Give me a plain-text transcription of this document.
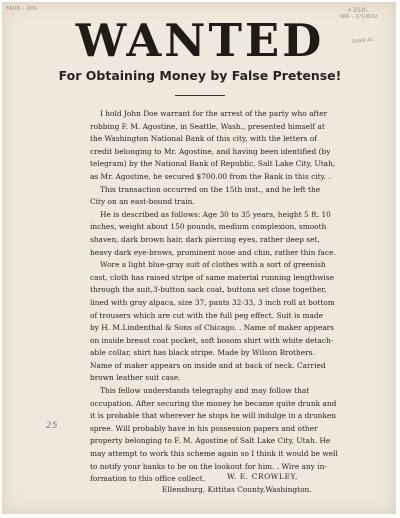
FA08 - 2PA	+350-
WA - 2/1/602
0496 AC
25
WANTED
For Obtaining Money by False Pretense!
I hold John Doe warrant for the arrest of the party who after
robbing F. M. Agostine, in Seattle, Wash., presented himself at
the Washington National Bank of this city, with the letters of
credit belonging to Mr. Agostine, and having been identified (by
telegram) by the National Bank of Republic, Salt Lake City, Utah,
as Mr. Agostine, he secured $700.00 from the Bank in this city. .
This transaction occurred on the 15th inst., and he left the
City on an east-bound train.
He is described as follows: Age 30 to 35 years, height 5 ft. 10
inches, weight about 150 pounds, medium complexion, smooth
shaven, dark brown hair, dark piercing eyes, rather deep set,
heavy dark eye-brows, prominent nose and chin, rather thin face.
Wore a light blue-gray suit of clothes with a sort of greenish
cast, cloth has raised stripe of same material running lengthwise
through the suit,3-button sack coat, buttons set close together,
lined with gray alpaca, size 37, pants 32-33, 3 inch roll at bottom
of trousers which are cut with the full peg effect. Suit is made
by H. M.Lindenthal & Sons of Chicago. . Name of maker appears
on inside breast coat pocket, soft bosom shirt with white detach-
able collar, shirt has black stripe. Made by Wilson Brothers.
Name of maker appears on inside and at back of neck. Carried
brown leather suit case.
This fellow understands telegraphy and may follow that
occupation. After securing the money he became quite drunk and
it is probable that wherever he stops he will indulge in a drunken
spree. Will probably have in his possession papers and other
property belonging to F. M. Agostine of Salt Lake City, Utah. He
may attempt to work this scheme again so I think it would be well
to notify your banks to be on the lookout for him. . Wire any in-
formation to this office collect.	W. E. CROWLEY,
Ellensburg, Kittitas County,Washington.
